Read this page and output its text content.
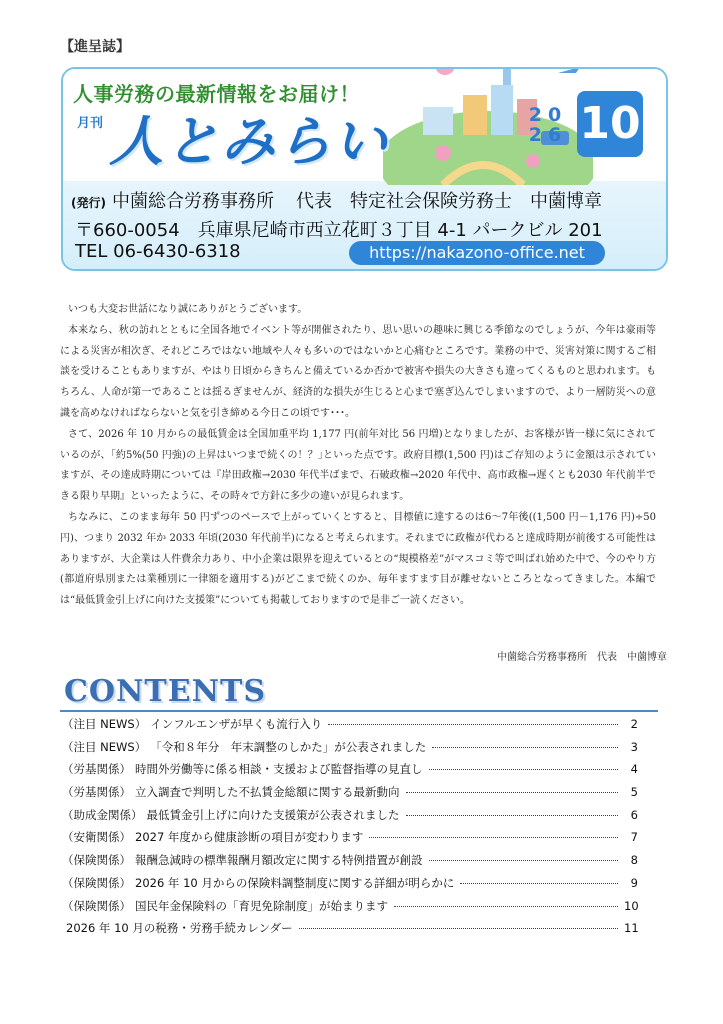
【進呈誌】
人事労務の最新情報をお届け！
月刊 人とみらい	20
26 10
(発行) 中薗総合労務事務所 代表　特定社会保険労務士　中薗博章
〒660-0054　兵庫県尼崎市西立花町３丁目 4-1 パークビル 201
TEL 06-6430-6318	https://nakazono-office.net

いつも大変お世話になり誠にありがとうございます。

本来なら、秋の訪れとともに全国各地でイベント等が開催されたり、思い思いの趣味に興じる季節なのでしょうが、今年は豪雨等による災害が相次ぎ、それどころではない地域や人々も多いのではないかと心痛むところです。業務の中で、災害対策に関するご相談を受けることもありますが、やはり日頃からきちんと備えているか否かで被害や損失の大きさも違ってくるものと思われます。もちろん、人命が第一であることは揺るぎませんが、経済的な損失が生じると心まで塞ぎ込んでしまいますので、より一層防災への意識を高めなければならないと気を引き締める今日この頃です･･･。

さて、2026 年 10 月からの最低賃金は全国加重平均 1,177 円(前年対比 56 円増)となりましたが、お客様が皆一様に気にされているのが、｢約5%(50 円強)の上昇はいつまで続くの！？｣といった点です。政府目標(1,500 円)はご存知のように金額は示されていますが、その達成時期については『岸田政権→2030 年代半ばまで、石破政権→2020 年代中、高市政権→遅くとも2030 年代前半できる限り早期』といったように、その時々で方針に多少の違いが見られます。

ちなみに、このまま毎年 50 円ずつのペースで上がっていくとすると、目標値に達するのは6～7年後((1,500 円－1,176 円)÷50 円)、つまり 2032 年か 2033 年頃(2030 年代前半)になると考えられます。それまでに政権が代わると達成時期が前後する可能性はありますが、大企業は人件費余力あり、中小企業は限界を迎えているとの“規模格差”がマスコミ等で叫ばれ始めた中で、今のやり方(都道府県別または業種別に一律額を適用する)がどこまで続くのか、毎年ますます目が離せないところとなってきました。本編では“最低賃金引上げに向けた支援策”についても掲載しておりますので是非ご一読ください。

中薗総合労務事務所　代表　中薗博章
CONTENTS
（注目 NEWS） インフルエンザが早くも流行入り	2
（注目 NEWS） 「令和８年分　年末調整のしかた」が公表されました	3
（労基関係） 時間外労働等に係る相談・支援および監督指導の見直し	4
（労基関係） 立入調査で判明した不払賃金総額に関する最新動向	5
（助成金関係） 最低賃金引上げに向けた支援策が公表されました	6
（安衛関係） 2027 年度から健康診断の項目が変わります	7
（保険関係） 報酬急減時の標準報酬月額改定に関する特例措置が創設	8
（保険関係） 2026 年 10 月からの保険料調整制度に関する詳細が明らかに	9
（保険関係） 国民年金保険料の「育児免除制度」が始まります	10
2026 年 10 月の税務・労務手続カレンダー	11
